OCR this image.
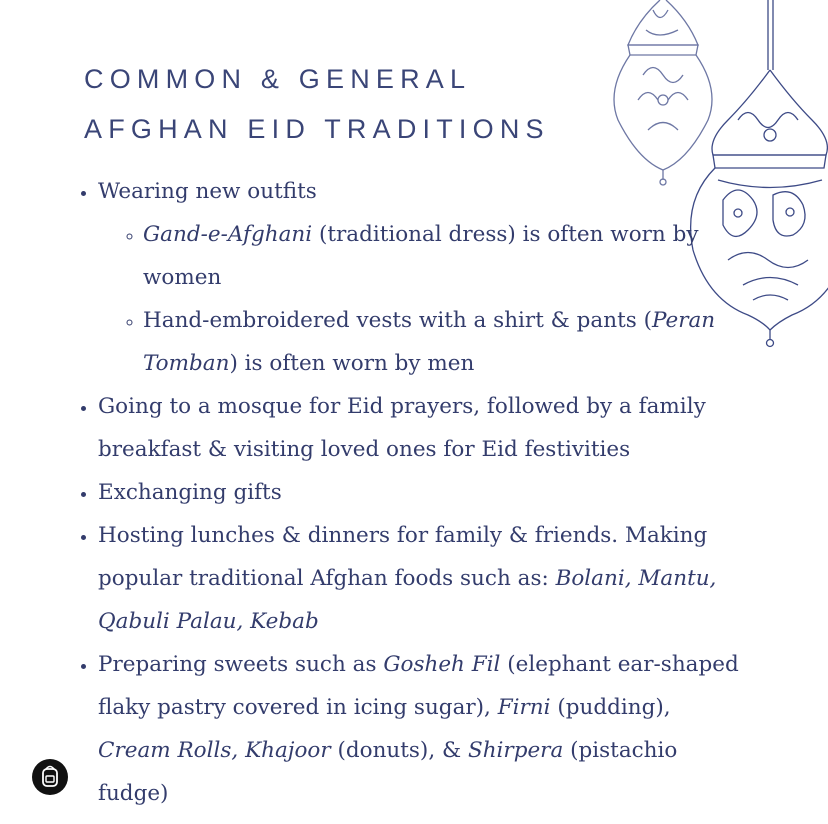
COMMON & GENERAL
AFGHAN EID TRADITIONS
• Wearing new outfits
◦ Gand-e-Afghani (traditional dress) is often worn by women
◦ Hand-embroidered vests with a shirt & pants (Peran Tomban) is often worn by men
• Going to a mosque for Eid prayers, followed by a family breakfast & visiting loved ones for Eid festivities
• Exchanging gifts
• Hosting lunches & dinners for family & friends. Making popular traditional Afghan foods such as: Bolani, Mantu, Qabuli Palau, Kebab
• Preparing sweets such as Gosheh Fil (elephant ear-shaped flaky pastry covered in icing sugar), Firni (pudding), Cream Rolls, Khajoor (donuts), & Shirpera (pistachio fudge)
